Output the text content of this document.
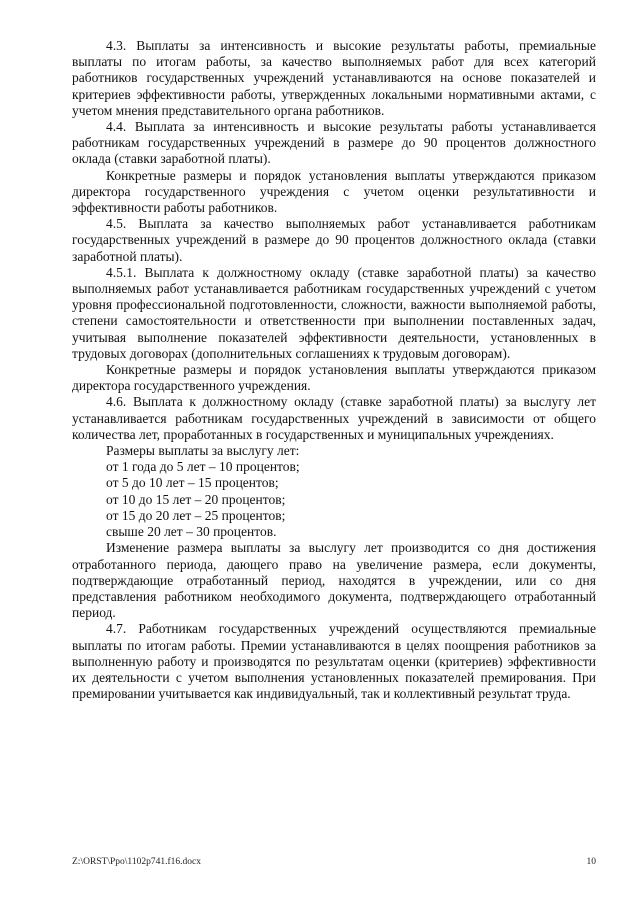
4.3. Выплаты за интенсивность и высокие результаты работы, премиальные выплаты по итогам работы, за качество выполняемых работ для всех категорий работников государственных учреждений устанавливаются на основе показателей и критериев эффективности работы, утвержденных локальными нормативными актами, с учетом мнения представительного органа работников.

4.4. Выплата за интенсивность и высокие результаты работы устанавливается работникам государственных учреждений в размере до 90 процентов должностного оклада (ставки заработной платы).

Конкретные размеры и порядок установления выплаты утверждаются приказом директора государственного учреждения с учетом оценки результативности и эффективности работы работников.

4.5. Выплата за качество выполняемых работ устанавливается работникам государственных учреждений в размере до 90 процентов должностного оклада (ставки заработной платы).

4.5.1. Выплата к должностному окладу (ставке заработной платы) за качество выполняемых работ устанавливается работникам государственных учреждений с учетом уровня профессиональной подготовленности, сложности, важности выполняемой работы, степени самостоятельности и ответственности при выполнении поставленных задач, учитывая выполнение показателей эффективности деятельности, установленных в трудовых договорах (дополнительных соглашениях к трудовым договорам).

Конкретные размеры и порядок установления выплаты утверждаются приказом директора государственного учреждения.

4.6. Выплата к должностному окладу (ставке заработной платы) за выслугу лет устанавливается работникам государственных учреждений в зависимости от общего количества лет, проработанных в государственных и муниципальных учреждениях.

Размеры выплаты за выслугу лет:

от 1 года до 5 лет – 10 процентов;
от 5 до 10 лет – 15 процентов;
от 10 до 15 лет – 20 процентов;
от 15 до 20 лет – 25 процентов;
свыше 20 лет – 30 процентов.

Изменение размера выплаты за выслугу лет производится со дня достижения отработанного периода, дающего право на увеличение размера, если документы, подтверждающие отработанный период, находятся в учреждении, или со дня представления работником необходимого документа, подтверждающего отработанный период.

4.7. Работникам государственных учреждений осуществляются премиальные выплаты по итогам работы. Премии устанавливаются в целях поощрения работников за выполненную работу и производятся по результатам оценки (критериев) эффективности их деятельности с учетом выполнения установленных показателей премирования. При премировании учитывается как индивидуальный, так и коллективный результат труда.

Z:\ORST\Ppo\1102p741.f16.docx	10
